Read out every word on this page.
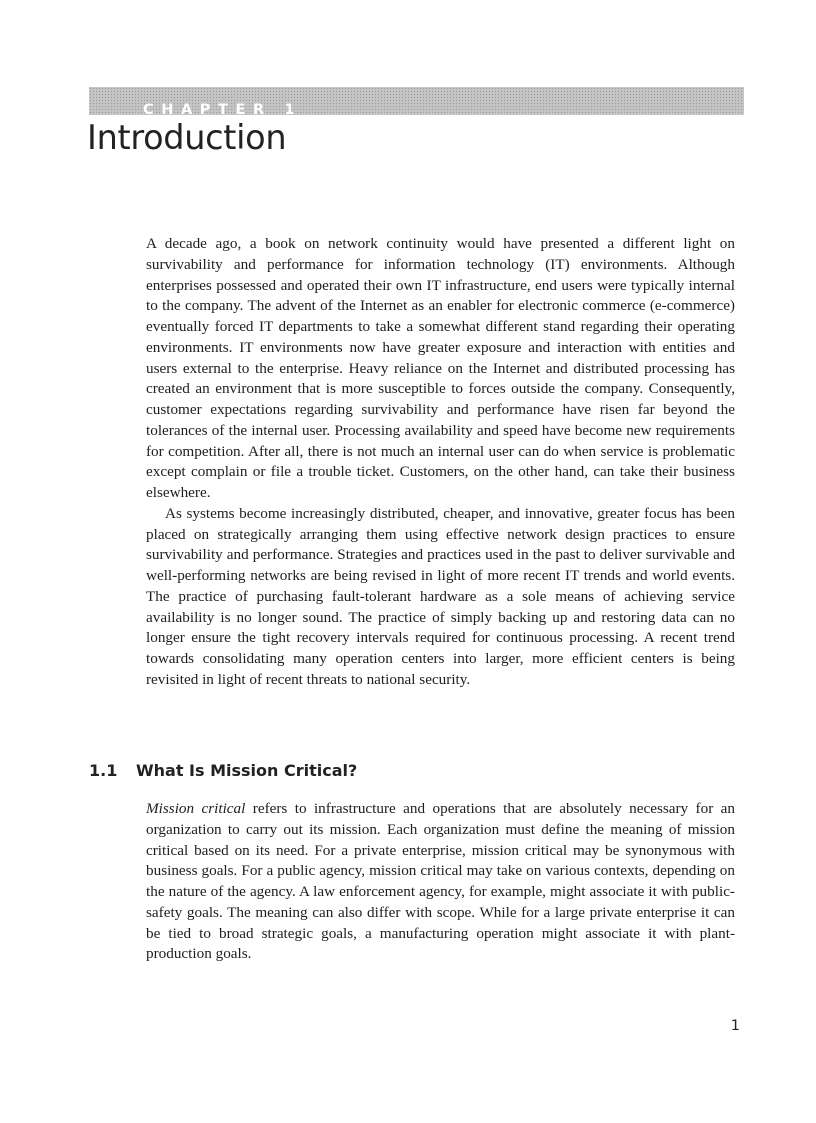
CHAPTER 1
Introduction

A decade ago, a book on network continuity would have presented a different light on survivability and performance for information technology (IT) environments. Although enterprises possessed and operated their own IT infrastructure, end users were typically internal to the company. The advent of the Internet as an enabler for electronic commerce (e-commerce) eventually forced IT departments to take a somewhat different stand regarding their operating environments. IT environments now have greater exposure and interaction with entities and users external to the enterprise. Heavy reliance on the Internet and distributed processing has created an environment that is more susceptible to forces outside the company. Consequently, customer expectations regarding survivability and performance have risen far beyond the tolerances of the internal user. Processing availability and speed have become new requirements for competition. After all, there is not much an internal user can do when service is problematic except complain or file a trouble ticket. Customers, on the other hand, can take their business elsewhere.

As systems become increasingly distributed, cheaper, and innovative, greater focus has been placed on strategically arranging them using effective network design practices to ensure survivability and performance. Strategies and practices used in the past to deliver survivable and well-performing networks are being revised in light of more recent IT trends and world events. The practice of purchasing fault-tolerant hardware as a sole means of achieving service availability is no longer sound. The practice of simply backing up and restoring data can no longer ensure the tight recovery intervals required for continuous processing. A recent trend towards consolidating many operation centers into larger, more efficient centers is being revisited in light of recent threats to national security.

1.1 What Is Mission Critical?

Mission critical refers to infrastructure and operations that are absolutely necessary for an organization to carry out its mission. Each organization must define the meaning of mission critical based on its need. For a private enterprise, mission critical may be synonymous with business goals. For a public agency, mission critical may take on various contexts, depending on the nature of the agency. A law enforcement agency, for example, might associate it with public-safety goals. The meaning can also differ with scope. While for a large private enterprise it can be tied to broad strategic goals, a manufacturing operation might associate it with plant-production goals.

1
